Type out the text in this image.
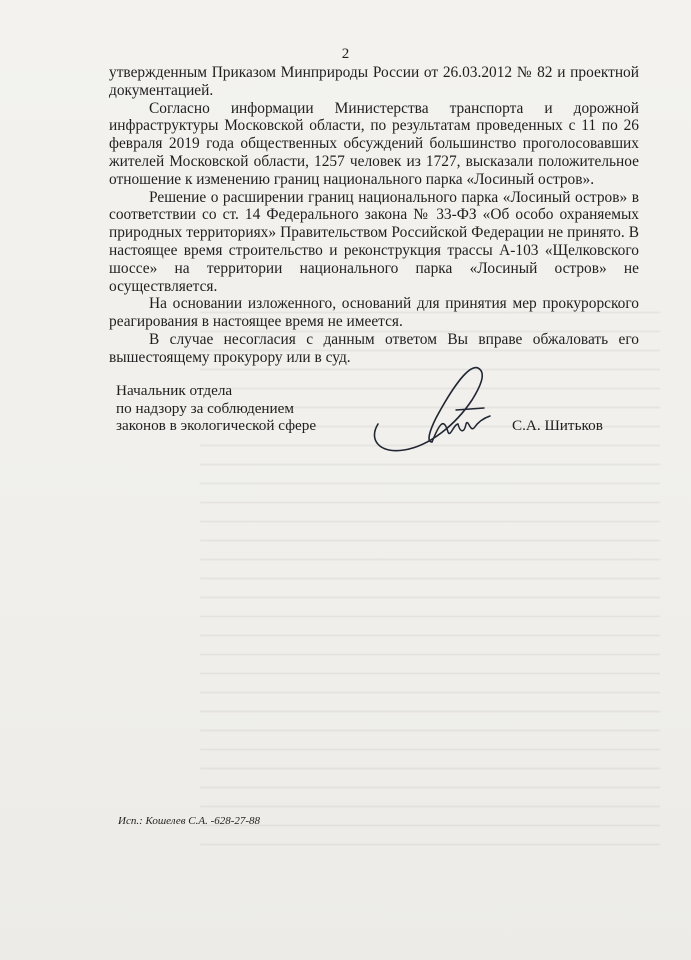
2

утвержденным Приказом Минприроды России от 26.03.2012 № 82 и проектной документацией.

Согласно информации Министерства транспорта и дорожной инфраструктуры Московской области, по результатам проведенных с 11 по 26 февраля 2019 года общественных обсуждений большинство проголосовавших жителей Московской области, 1257 человек из 1727, высказали положительное отношение к изменению границ национального парка «Лосиный остров».

Решение о расширении границ национального парка «Лосиный остров» в соответствии со ст. 14 Федерального закона № 33-ФЗ «Об особо охраняемых природных территориях» Правительством Российской Федерации не принято. В настоящее время строительство и реконструкция трассы А-103 «Щелковского шоссе» на территории национального парка «Лосиный остров» не осуществляется.

На основании изложенного, оснований для принятия мер прокурорского реагирования в настоящее время не имеется.

В случае несогласия с данным ответом Вы вправе обжаловать его вышестоящему прокурору или в суд.

Начальник отдела
по надзору за соблюдением
законов в экологической сфере	С.А. Шитьков
Исп.: Кошелев С.А. -628-27-88
